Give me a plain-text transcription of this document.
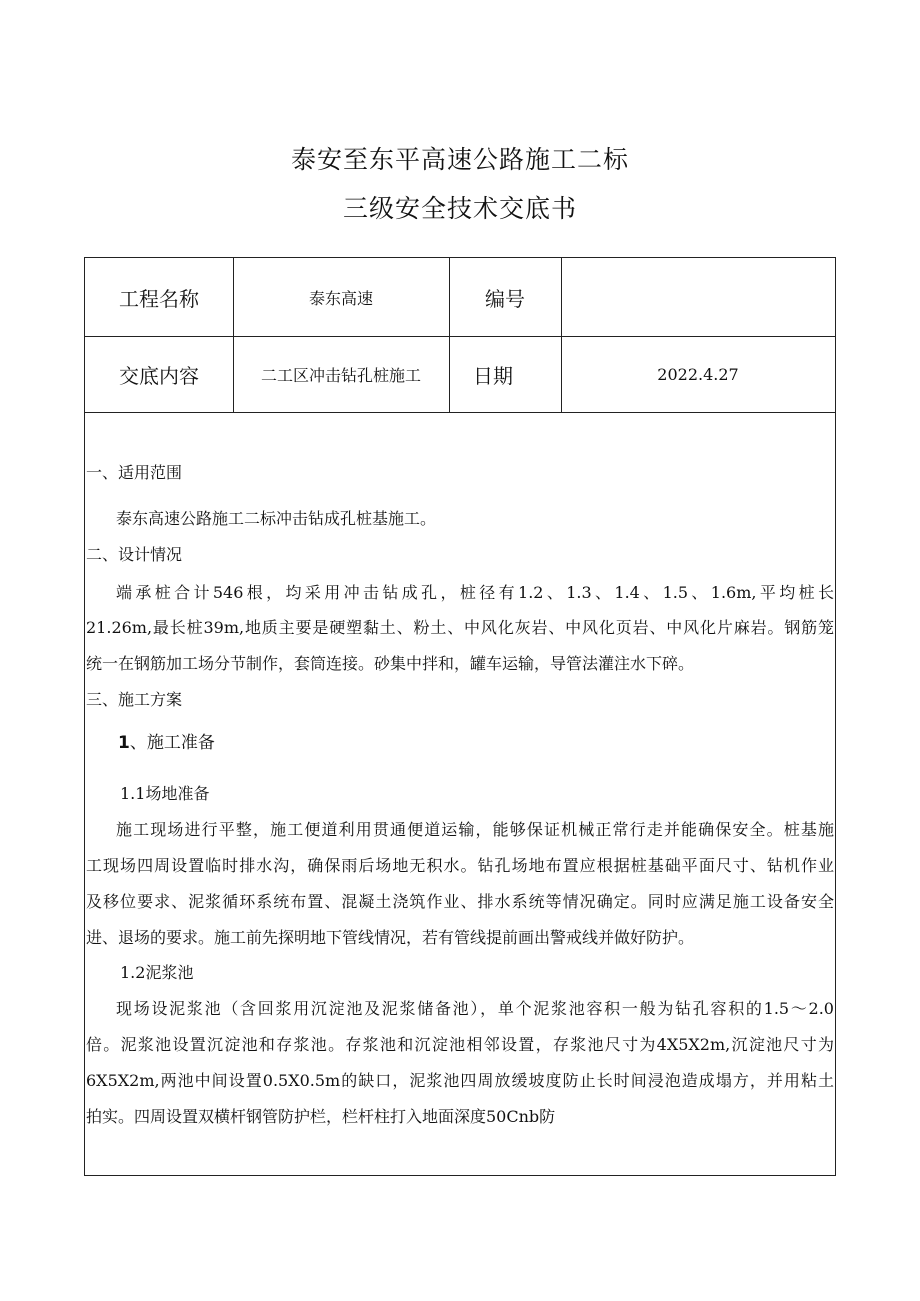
泰安至东平高速公路施工二标
三级安全技术交底书
工程名称	泰东高速	编号
交底内容	二工区冲击钻孔桩施工	日期	2022.4.27
一、适用范围
泰东高速公路施工二标冲击钻成孔桩基施工。
二、设计情况
端承桩合计546根，均采用冲击钻成孔，桩径有1.2、1.3、1.4、1.5、1.6m,平均桩长
21.26m,最长桩39m,地质主要是硬塑黏土、粉土、中风化灰岩、中风化页岩、中风化片麻岩。钢筋笼
统一在钢筋加工场分节制作，套筒连接。砂集中拌和，罐车运输，导管法灌注水下碎。
三、施工方案
1、施工准备
1.1场地准备
施工现场进行平整，施工便道利用贯通便道运输，能够保证机械正常行走并能确保安全。桩基施
工现场四周设置临时排水沟，确保雨后场地无积水。钻孔场地布置应根据桩基础平面尺寸、钻机作业
及移位要求、泥浆循环系统布置、混凝土浇筑作业、排水系统等情况确定。同时应满足施工设备安全
进、退场的要求。施工前先探明地下管线情况，若有管线提前画出警戒线并做好防护。
1.2泥浆池
现场设泥浆池（含回浆用沉淀池及泥浆储备池），单个泥浆池容积一般为钻孔容积的1.5～2.0
倍。泥浆池设置沉淀池和存浆池。存浆池和沉淀池相邻设置，存浆池尺寸为4X5X2m,沉淀池尺寸为
6X5X2m,两池中间设置0.5X0.5m的缺口，泥浆池四周放缓坡度防止长时间浸泡造成塌方，并用粘土
拍实。四周设置双横杆钢管防护栏，栏杆柱打入地面深度50Cnb防
